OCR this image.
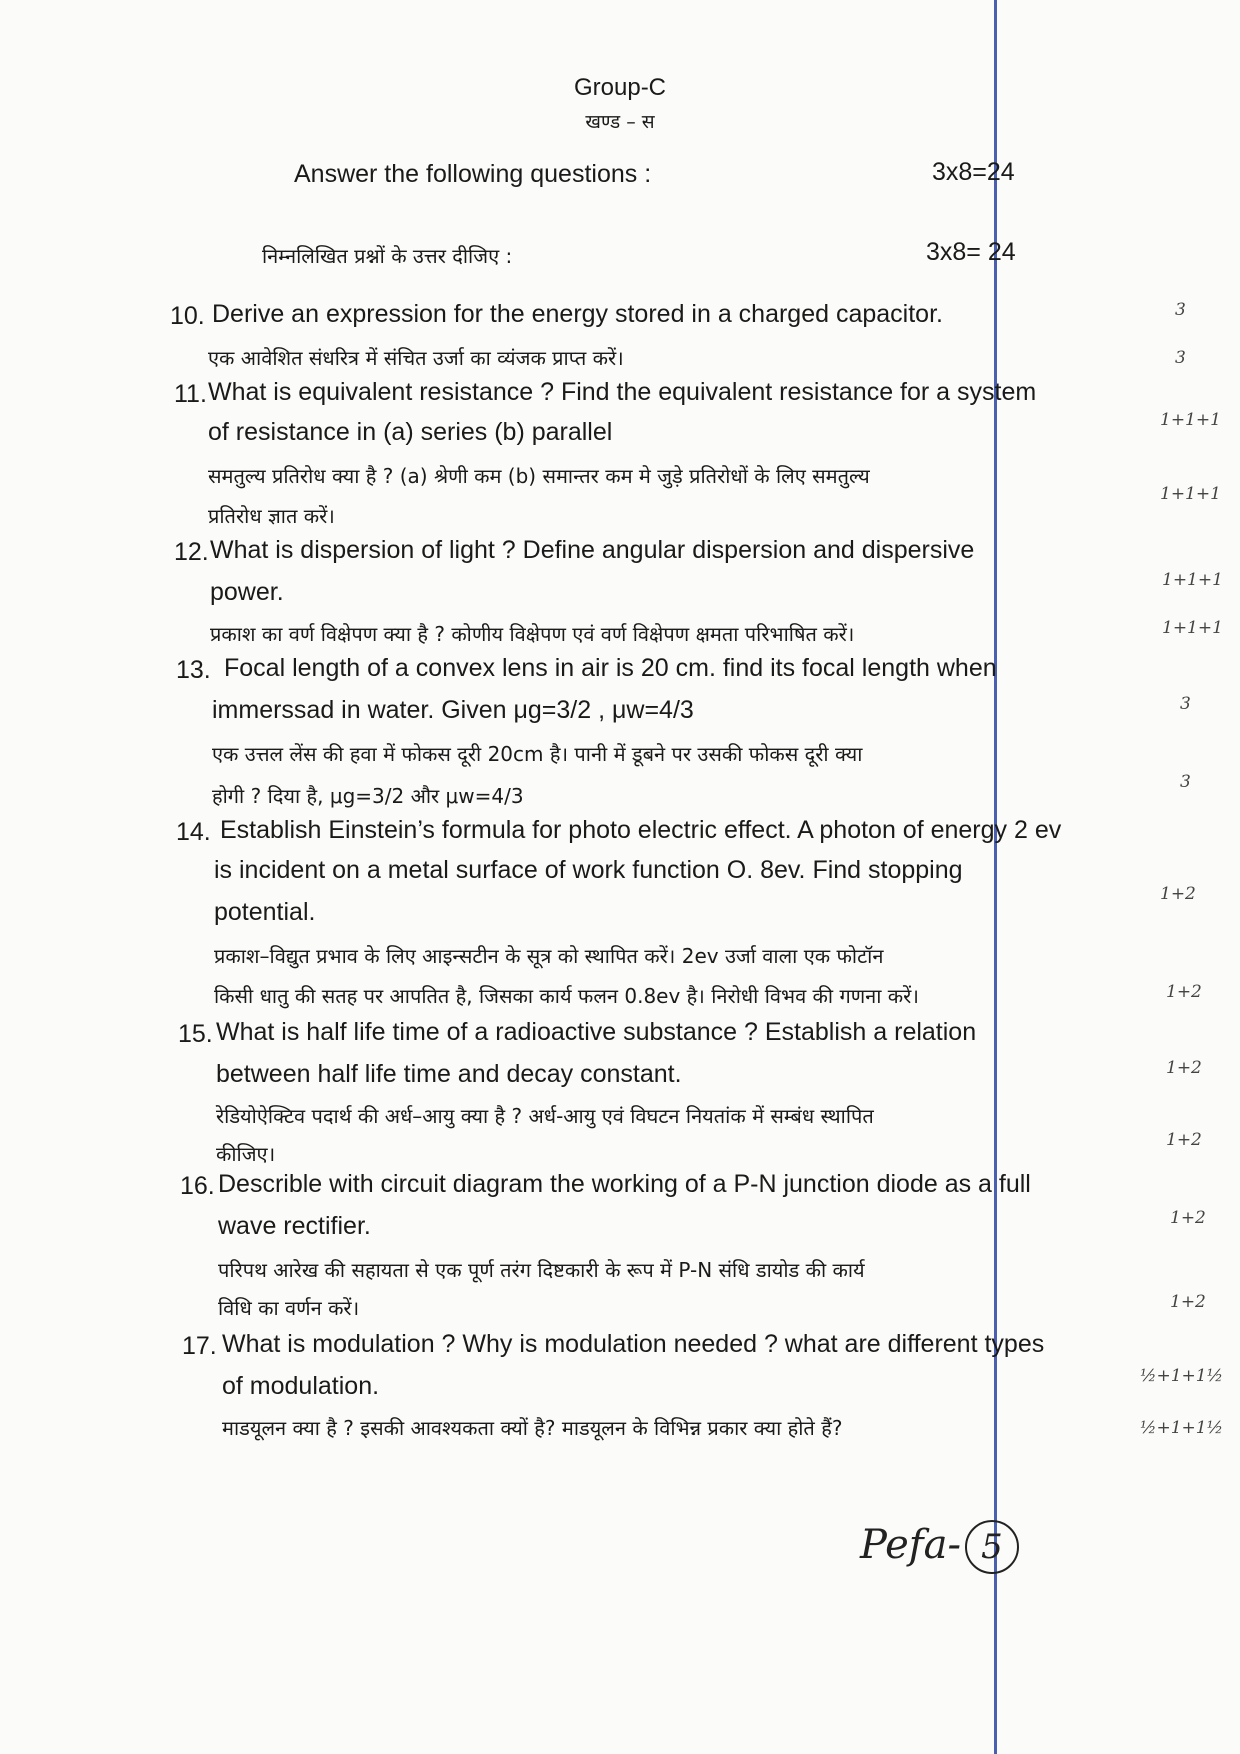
Group-C
खण्ड – स
Answer the following questions :	3x8=24
निम्नलिखित प्रश्नों के उत्तर दीजिए :	3x8= 24
10. Derive an expression for the energy stored in a charged capacitor.
एक आवेशित संधरित्र में संचित उर्जा का व्यंजक प्राप्त करें।
3
3
11. What is equivalent resistance ? Find the equivalent resistance for a system
of resistance in (a) series (b) parallel
समतुल्य प्रतिरोध क्या है ? (a) श्रेणी कम (b) समान्तर कम मे जुड़े प्रतिरोधों के लिए समतुल्य
प्रतिरोध ज्ञात करें।
1+1+1
1+1+1
12. What is dispersion of light ? Define angular dispersion and dispersive
power.
प्रकाश का वर्ण विक्षेपण क्या है ? कोणीय विक्षेपण एवं वर्ण विक्षेपण क्षमता परिभाषित करें।
1+1+1
1+1+1
13. Focal length of a convex lens in air is 20 cm. find its focal length when
immerssad in water. Given μg=3/2 , μw=4/3
एक उत्तल लेंस की हवा में फोकस दूरी 20cm है। पानी में डूबने पर उसकी फोकस दूरी क्या
होगी ? दिया है, μg=3/2 और μw=4/3
3
3
14. Establish Einstein’s formula for photo electric effect. A photon of energy 2 ev
is incident on a metal surface of work function O. 8ev. Find stopping
potential.
प्रकाश–विद्युत प्रभाव के लिए आइन्सटीन के सूत्र को स्थापित करें। 2ev उर्जा वाला एक फोटॉन
किसी धातु की सतह पर आपतित है, जिसका कार्य फलन 0.8ev है। निरोधी विभव की गणना करें।
1+2
1+2
15. What is half life time of a radioactive substance ? Establish a relation
between half life time and decay constant.
रेडियोऐक्टिव पदार्थ की अर्ध–आयु क्या है ? अर्ध-आयु एवं विघटन नियतांक में सम्बंध स्थापित
कीजिए।
1+2
1+2
16. Describle with circuit diagram the working of a P-N junction diode as a full
wave rectifier.
परिपथ आरेख की सहायता से एक पूर्ण तरंग दिष्टकारी के रूप में P-N संधि डायोड की कार्य
विधि का वर्णन करें।
1+2
1+2
17. What is modulation ? Why is modulation needed ? what are different types
of modulation.
माडयूलन क्या है ? इसकी आवश्यकता क्यों है? माडयूलन के विभिन्न प्रकार क्या होते हैं?
½+1+1½
½+1+1½
Pefa- 5
